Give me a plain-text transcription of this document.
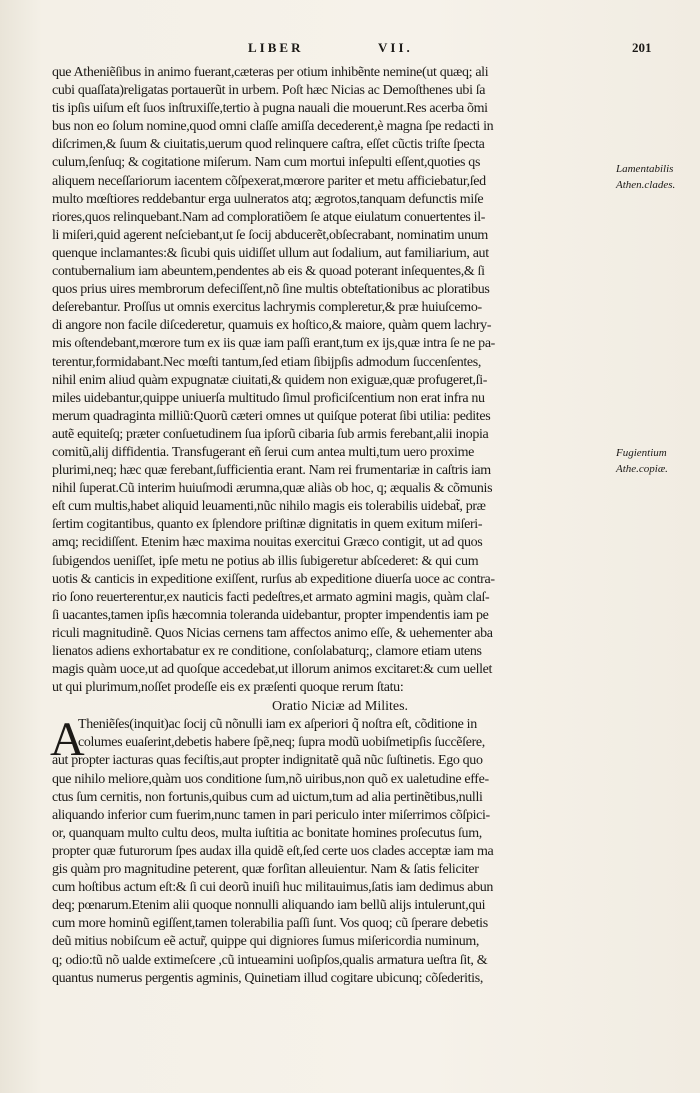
LIBER	VII.	201
Lamentabilis
Athen.clades.
Fugientium
Athe.copiæ.
que Atheniẽſibus in animo fuerant,cæteras per otium inhibẽnte nemine(ut quæq; ali
cubi quaſſata)religatas portauerũt in urbem. Poſt hæc Nicias ac Demoſthenes ubi ſa
tis ipſis uiſum eſt ſuos inſtruxiſſe,tertio à pugna nauali die mouerunt.Res acerba õmi
bus non eo ſolum nomine,quod omni claſſe amiſſa decederent,è magna ſpe redacti in
diſcrimen,& ſuum & ciuitatis,uerum quod relinquere caſtra, eſſet cũctis triſte ſpecta
culum,ſenſuq; & cogitatione miſerum. Nam cum mortui inſepulti eſſent,quoties qs
aliquem neceſſariorum iacentem cõſpexerat,mœrore pariter et metu afficiebatur,ſed
multo mœſtiores reddebantur erga uulneratos atq; ægrotos,tanquam defunctis miſe
riores,quos relinquebant.Nam ad comploratiõem ſe atque eiulatum conuertentes il-
li miſeri,quid agerent neſciebant,ut ſe ſocij abducerẽt,obſecrabant, nominatim unum
quenque inclamantes:& ſicubi quis uidiſſet ullum aut ſodalium, aut familiarium, aut
contubernalium iam abeuntem,pendentes ab eis & quoad poterant inſequentes,& ſi
quos prius uires membrorum defeciſſent,nõ ſine multis obteſtationibus ac ploratibus
deſerebantur. Proſſus ut omnis exercitus lachrymis compleretur,& præ huiuſcemo-
di angore non facile diſcederetur, quamuis ex hoſtico,& maiore, quàm quem lachry-
mis oſtendebant,mœrore tum ex iis quæ iam paſſi erant,tum ex ijs,quæ intra ſe ne pa-
terentur,formidabant.Nec mœſti tantum,ſed etiam ſibijpſis admodum ſuccenſentes,
nihil enim aliud quàm expugnatæ ciuitati,& quidem non exiguæ,quæ profugeret,ſi-
miles uidebantur,quippe uniuerſa multitudo ſimul proficiſcentium non erat infra nu
merum quadraginta milliũ:Quorũ cæteri omnes ut quiſque poterat ſibi utilia: pedites
autẽ equiteſq; præter conſuetudinem ſua ipſorũ cibaria ſub armis ferebant,alii inopia
comitũ,alij diffidentia. Transfugerant eñ ſerui cum antea multi,tum uero proxime
plurimi,neq; hæc quæ ferebant,ſufficientia erant. Nam rei frumentariæ in caſtris iam
nihil ſuperat.Cũ interim huiuſmodi ærumna,quæ aliàs ob hoc, q; æqualis & cõmunis
eſt cum multis,habet aliquid leuamenti,nũc nihilo magis eis tolerabilis uidebat̃, præ
ſertim cogitantibus, quanto ex ſplendore priſtinæ dignitatis in quem exitum miſeri-
amq; recidiſſent. Etenim hæc maxima nouitas exercitui Græco contigit, ut ad quos
ſubigendos ueniſſet, ipſe metu ne potius ab illis ſubigeretur abſcederet: & qui cum
uotis & canticis in expeditione exiſſent, rurſus ab expeditione diuerſa uoce ac contra-
rio ſono reuerterentur,ex nauticis facti pedeſtres,et armato agmini magis, quàm claſ-
ſi uacantes,tamen ipſis hæcomnia toleranda uidebantur, propter impendentis iam pe
riculi magnitudinẽ. Quos Nicias cernens tam affectos animo eſſe, & uehementer aba
lienatos adiens exhortabatur ex re conditione, conſolabaturq;, clamore etiam utens
magis quàm uoce,ut ad quoſque accedebat,ut illorum animos excitaret:& cum uellet
ut qui plurimum,noſſet prodeſſe eis ex præſenti quoque rerum ſtatu:
Oratio Niciæ ad Milites.
A
Theniẽſes(inquit)ac ſocij cũ nõnulli iam ex aſperiori q̃ noſtra eſt, cõditione in
columes euaſerint,debetis habere ſpẽ,neq; ſupra modũ uobiſmetipſis ſuccẽſere,
aut propter iacturas quas feciſtis,aut propter indignitatẽ quã nũc ſuſtinetis. Ego quo
que nihilo meliore,quàm uos conditione ſum,nõ uiribus,non quõ ex ualetudine effe-
ctus ſum cernitis, non fortunis,quibus cum ad uictum,tum ad alia pertinẽtibus,nulli
aliquando inferior cum fuerim,nunc tamen in pari periculo inter miſerrimos cõſpici-
or, quanquam multo cultu deos, multa iuſtitia ac bonitate homines proſecutus ſum,
propter quæ futurorum ſpes audax illa quidẽ eſt,ſed certe uos clades acceptæ iam ma
gis quàm pro magnitudine peterent, quæ forſitan alleuientur. Nam & ſatis feliciter
cum hoſtibus actum eſt:& ſi cui deorũ inuiſi huc militauimus,ſatis iam dedimus abun
deq; pœnarum.Etenim alii quoque nonnulli aliquando iam bellũ alijs intulerunt,qui
cum more hominũ egiſſent,tamen tolerabilia paſſi ſunt. Vos quoq; cũ ſperare debetis
deũ mitius nobiſcum eẽ actur̃, quippe qui digniores ſumus miſericordia numinum,
q; odio:tũ nõ ualde extimeſcere ,cũ intueamini uoſipſos,qualis armatura ueſtra ſit, &
quantus numerus pergentis agminis, Quinetiam illud cogitare ubicunq; cõſederitis,
